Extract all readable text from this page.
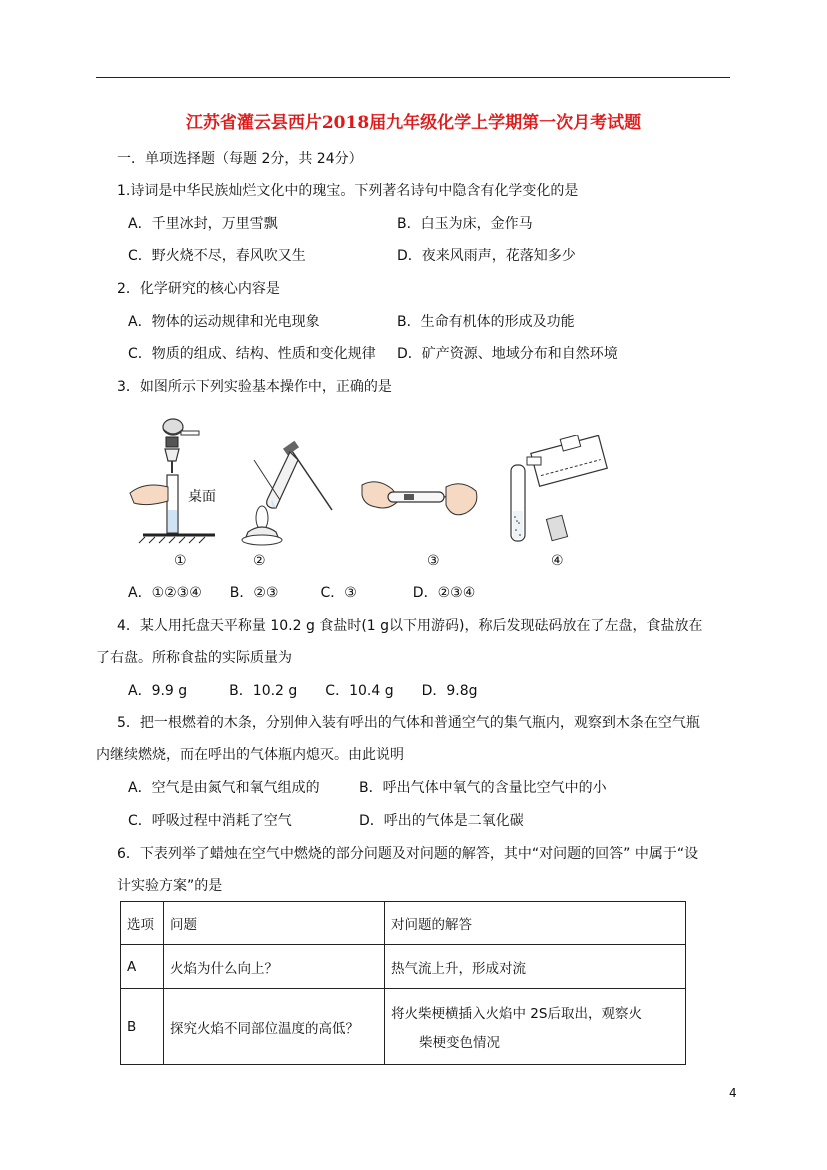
江苏省灌云县西片2018届九年级化学上学期第一次月考试题
一．单项选择题（每题 2分，共 24分）
1.诗词是中华民族灿烂文化中的瑰宝。下列著名诗句中隐含有化学变化的是
A．千里冰封，万里雪飘	B．白玉为床，金作马
C．野火烧不尽，春风吹又生	D．夜来风雨声，花落知多少
2．化学研究的核心内容是
A．物体的运动规律和光电现象	B．生命有机体的形成及功能
C．物质的组成、结构、性质和变化规律 D．矿产资源、地域分布和自然环境
3．如图所示下列实验基本操作中，正确的是
桌面
①	②	③	④
A．①②③④　　B．②③　　　C．③　　　　D．②③④
4．某人用托盘天平称量 10.2 g 食盐时(1 g以下用游码)，称后发现砝码放在了左盘，食盐放在
了右盘。所称食盐的实际质量为
A．9.9 g　　　B．10.2 g　　C．10.4 g　　D．9.8g
5．把一根燃着的木条，分别伸入装有呼出的气体和普通空气的集气瓶内，观察到木条在空气瓶
内继续燃烧，而在呼出的气体瓶内熄灭。由此说明
A．空气是由氮气和氧气组成的	B．呼出气体中氧气的含量比空气中的小
C．呼吸过程中消耗了空气	D．呼出的气体是二氧化碳
6．下表列举了蜡烛在空气中燃烧的部分问题及对问题的解答，其中“对问题的回答” 中属于“设
计实验方案”的是
选项	问题	对问题的解答
A	火焰为什么向上？	热气流上升，形成对流
B	探究火焰不同部位温度的高低？	将火柴梗横插入火焰中 2S后取出，观察火
柴梗变色情况
4
